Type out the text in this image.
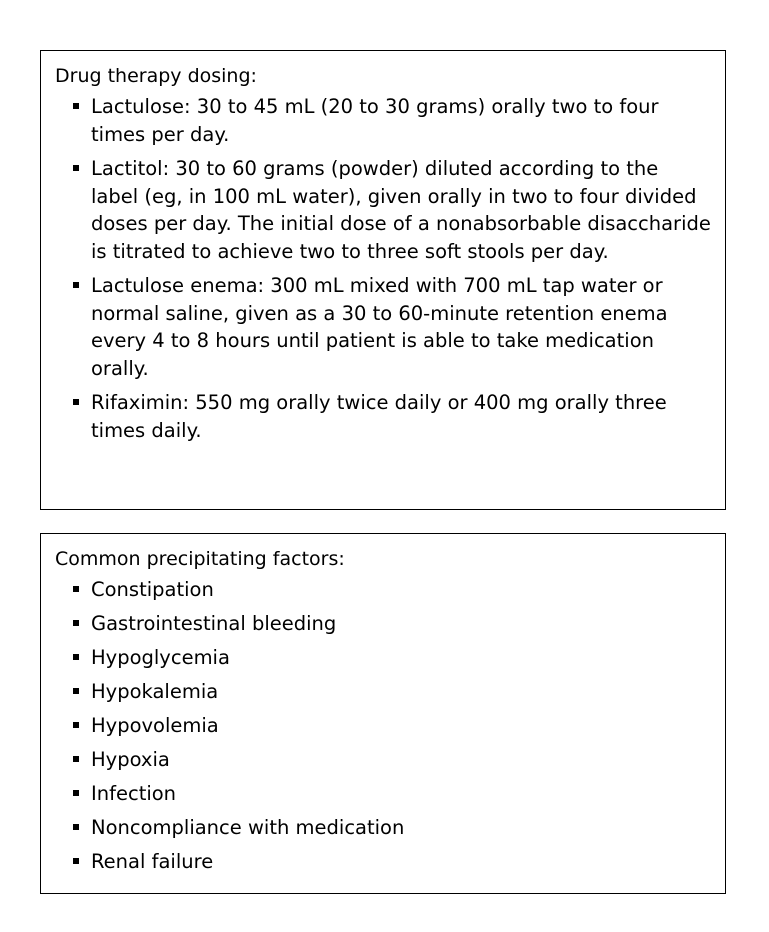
Drug therapy dosing:
Lactulose: 30 to 45 mL (20 to 30 grams) orally two to four times per day.
Lactitol: 30 to 60 grams (powder) diluted according to the label (eg, in 100 mL water), given orally in two to four divided doses per day. The initial dose of a nonabsorbable disaccharide is titrated to achieve two to three soft stools per day.
Lactulose enema: 300 mL mixed with 700 mL tap water or normal saline, given as a 30 to 60-minute retention enema every 4 to 8 hours until patient is able to take medication orally.
Rifaximin: 550 mg orally twice daily or 400 mg orally three times daily.
Common precipitating factors:
Constipation
Gastrointestinal bleeding
Hypoglycemia
Hypokalemia
Hypovolemia
Hypoxia
Infection
Noncompliance with medication
Renal failure
